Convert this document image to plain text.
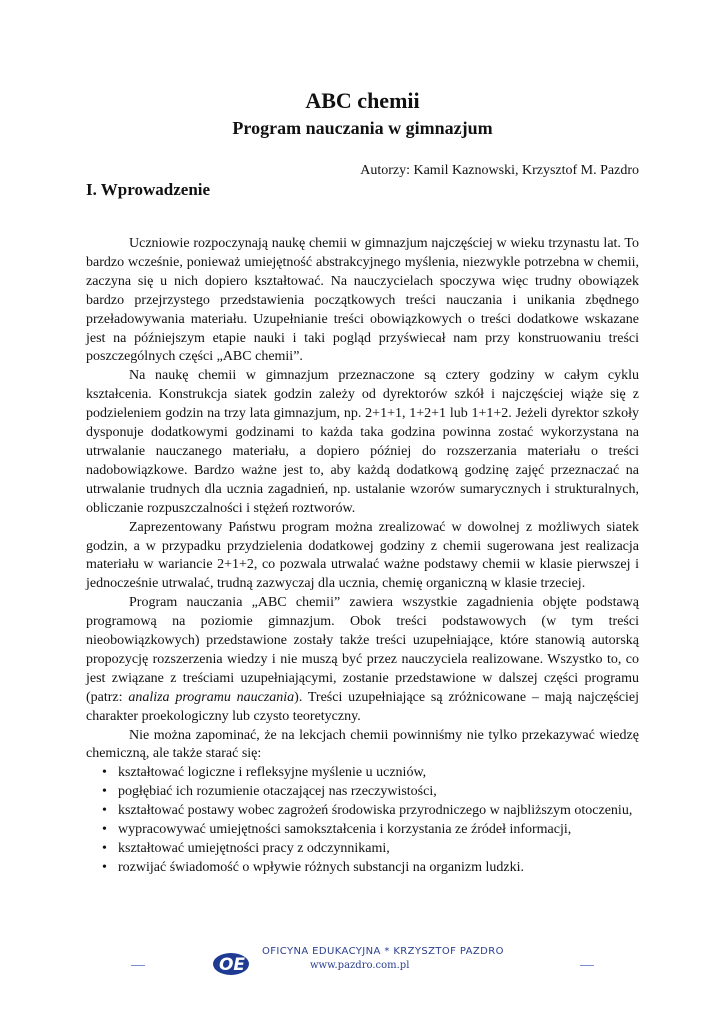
ABC chemii
Program nauczania w gimnazjum
Autorzy: Kamil Kaznowski, Krzysztof M. Pazdro
I. Wprowadzenie

Uczniowie rozpoczynają naukę chemii w gimnazjum najczęściej w wieku trzynastu lat. To bardzo wcześnie, ponieważ umiejętność abstrakcyjnego myślenia, niezwykle potrzebna w chemii, zaczyna się u nich dopiero kształtować. Na nauczycielach spoczywa więc trudny obowiązek bardzo przejrzystego przedstawienia początkowych treści nauczania i unikania zbędnego przeładowywania materiału. Uzupełnianie treści obowiązkowych o treści dodatkowe wskazane jest na późniejszym etapie nauki i taki pogląd przyświecał nam przy konstruowaniu treści poszczególnych części „ABC chemii”.

Na naukę chemii w gimnazjum przeznaczone są cztery godziny w całym cyklu kształcenia. Konstrukcja siatek godzin zależy od dyrektorów szkół i najczęściej wiąże się z podzieleniem godzin na trzy lata gimnazjum, np. 2+1+1, 1+2+1 lub 1+1+2. Jeżeli dyrektor szkoły dysponuje dodatkowymi godzinami to każda taka godzina powinna zostać wykorzystana na utrwalanie nauczanego materiału, a dopiero później do rozszerzania materiału o treści nadobowiązkowe. Bardzo ważne jest to, aby każdą dodatkową godzinę zajęć przeznaczać na utrwalanie trudnych dla ucznia zagadnień, np. ustalanie wzorów sumarycznych i strukturalnych, obliczanie rozpuszczalności i stężeń roztworów.

Zaprezentowany Państwu program można zrealizować w dowolnej z możliwych siatek godzin, a w przypadku przydzielenia dodatkowej godziny z chemii sugerowana jest realizacja materiału w wariancie 2+1+2, co pozwala utrwalać ważne podstawy chemii w klasie pierwszej i jednocześnie utrwalać, trudną zazwyczaj dla ucznia, chemię organiczną w klasie trzeciej.

Program nauczania „ABC chemii” zawiera wszystkie zagadnienia objęte podstawą programową na poziomie gimnazjum. Obok treści podstawowych (w tym treści nieobowiązkowych) przedstawione zostały także treści uzupełniające, które stanowią autorską propozycję rozszerzenia wiedzy i nie muszą być przez nauczyciela realizowane. Wszystko to, co jest związane z treściami uzupełniającymi, zostanie przedstawione w dalszej części programu (patrz: analiza programu nauczania). Treści uzupełniające są zróżnicowane – mają najczęściej charakter proekologiczny lub czysto teoretyczny.

Nie można zapominać, że na lekcjach chemii powinniśmy nie tylko przekazywać wiedzę chemiczną, ale także starać się:

• kształtować logiczne i refleksyjne myślenie u uczniów,
• pogłębiać ich rozumienie otaczającej nas rzeczywistości,
• kształtować postawy wobec zagrożeń środowiska przyrodniczego w najbliższym otoczeniu,
• wypracowywać umiejętności samokształcenia i korzystania ze źródeł informacji,
• kształtować umiejętności pracy z odczynnikami,
• rozwijać świadomość o wpływie różnych substancji na organizm ludzki.
OE
OFICYNA EDUKACYJNA * KRZYSZTOF PAZDRO
www.pazdro.com.pl
